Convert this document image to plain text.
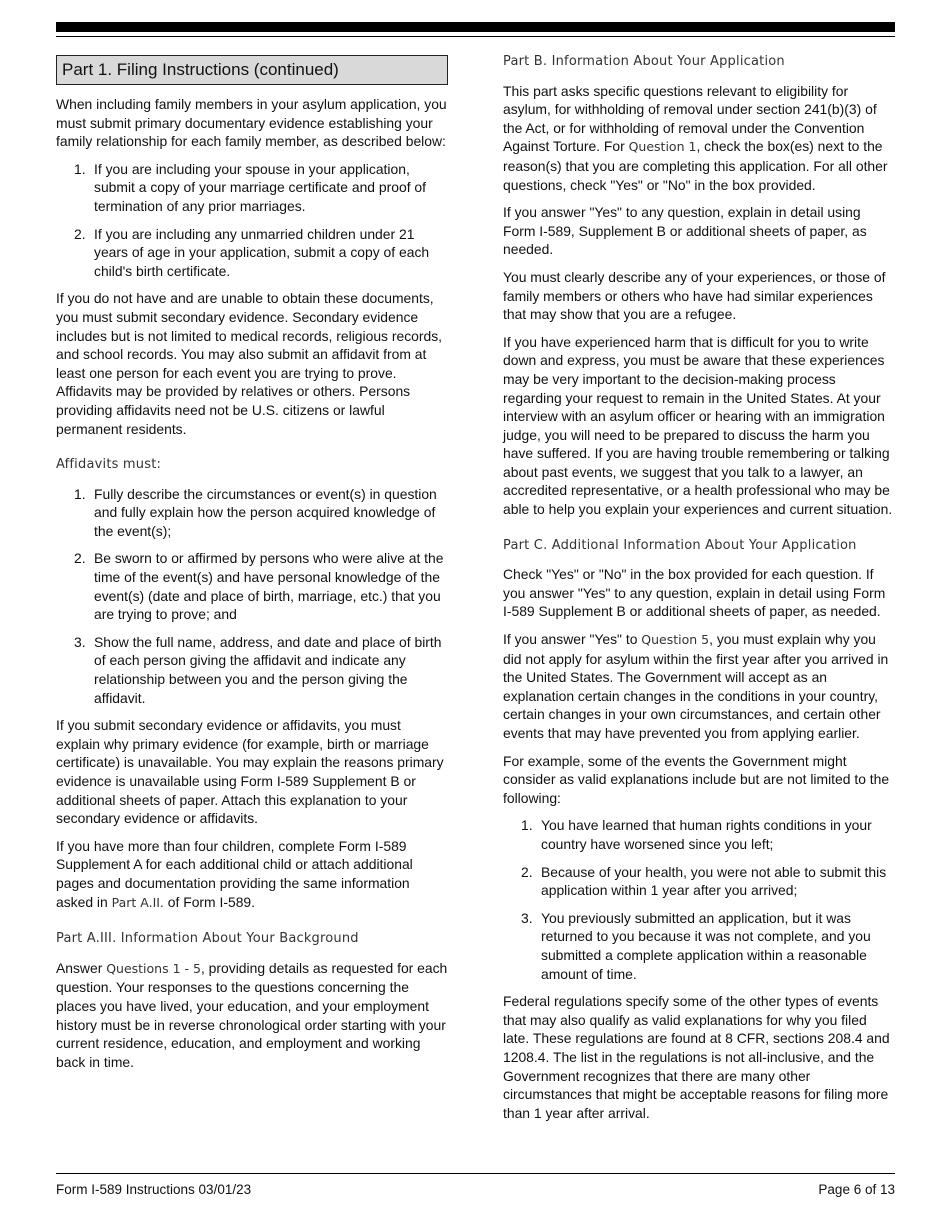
Part 1. Filing Instructions (continued)

When including family members in your asylum application, you must submit primary documentary evidence establishing your family relationship for each family member, as described below:

1. If you are including your spouse in your application, submit a copy of your marriage certificate and proof of termination of any prior marriages.
2. If you are including any unmarried children under 21 years of age in your application, submit a copy of each child's birth certificate.

If you do not have and are unable to obtain these documents, you must submit secondary evidence. Secondary evidence includes but is not limited to medical records, religious records, and school records. You may also submit an affidavit from at least one person for each event you are trying to prove. Affidavits may be provided by relatives or others. Persons providing affidavits need not be U.S. citizens or lawful permanent residents.

Affidavits must:
1. Fully describe the circumstances or event(s) in question and fully explain how the person acquired knowledge of the event(s);
2. Be sworn to or affirmed by persons who were alive at the time of the event(s) and have personal knowledge of the event(s) (date and place of birth, marriage, etc.) that you are trying to prove; and
3. Show the full name, address, and date and place of birth of each person giving the affidavit and indicate any relationship between you and the person giving the affidavit.

If you submit secondary evidence or affidavits, you must explain why primary evidence (for example, birth or marriage certificate) is unavailable. You may explain the reasons primary evidence is unavailable using Form I-589 Supplement B or additional sheets of paper. Attach this explanation to your secondary evidence or affidavits.

If you have more than four children, complete Form I-589 Supplement A for each additional child or attach additional pages and documentation providing the same information asked in Part A.II. of Form I-589.

Part A.III. Information About Your Background

Answer Questions 1 - 5, providing details as requested for each question. Your responses to the questions concerning the places you have lived, your education, and your employment history must be in reverse chronological order starting with your current residence, education, and employment and working back in time.

Part B. Information About Your Application

This part asks specific questions relevant to eligibility for asylum, for withholding of removal under section 241(b)(3) of the Act, or for withholding of removal under the Convention Against Torture. For Question 1, check the box(es) next to the reason(s) that you are completing this application. For all other questions, check "Yes" or "No" in the box provided.

If you answer "Yes" to any question, explain in detail using Form I-589, Supplement B or additional sheets of paper, as needed.

You must clearly describe any of your experiences, or those of family members or others who have had similar experiences that may show that you are a refugee.

If you have experienced harm that is difficult for you to write down and express, you must be aware that these experiences may be very important to the decision-making process regarding your request to remain in the United States. At your interview with an asylum officer or hearing with an immigration judge, you will need to be prepared to discuss the harm you have suffered. If you are having trouble remembering or talking about past events, we suggest that you talk to a lawyer, an accredited representative, or a health professional who may be able to help you explain your experiences and current situation.

Part C. Additional Information About Your Application

Check "Yes" or "No" in the box provided for each question. If you answer "Yes" to any question, explain in detail using Form I-589 Supplement B or additional sheets of paper, as needed.

If you answer "Yes" to Question 5, you must explain why you did not apply for asylum within the first year after you arrived in the United States. The Government will accept as an explanation certain changes in the conditions in your country, certain changes in your own circumstances, and certain other events that may have prevented you from applying earlier.

For example, some of the events the Government might consider as valid explanations include but are not limited to the following:

1. You have learned that human rights conditions in your country have worsened since you left;
2. Because of your health, you were not able to submit this application within 1 year after you arrived;
3. You previously submitted an application, but it was returned to you because it was not complete, and you submitted a complete application within a reasonable amount of time.

Federal regulations specify some of the other types of events that may also qualify as valid explanations for why you filed late. These regulations are found at 8 CFR, sections 208.4 and 1208.4. The list in the regulations is not all-inclusive, and the Government recognizes that there are many other circumstances that might be acceptable reasons for filing more than 1 year after arrival.

Form I-589 Instructions 03/01/23	Page 6 of 13
